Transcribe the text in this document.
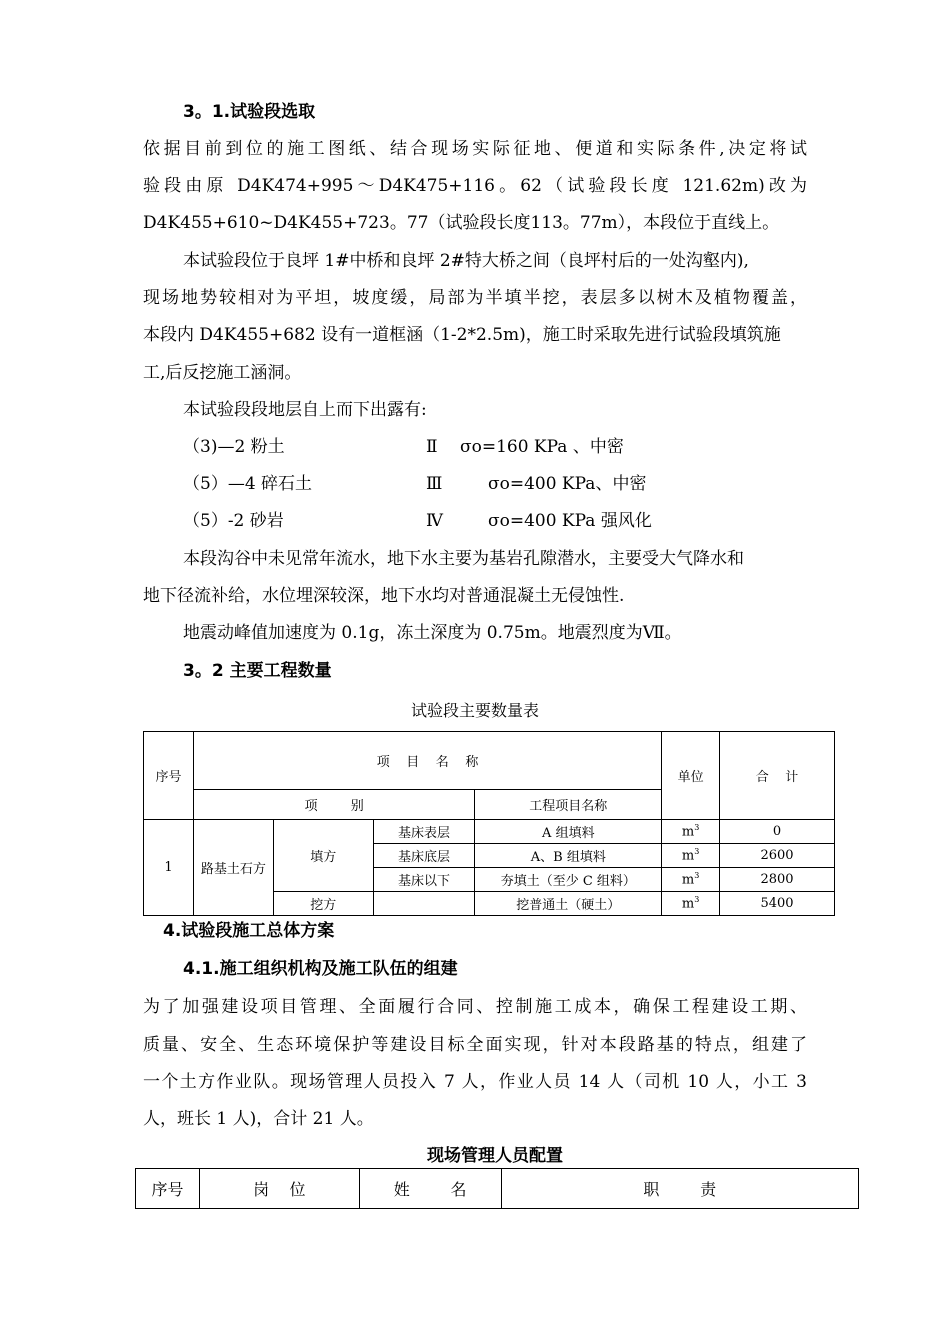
3。1.试验段选取
依据目前到位的施工图纸、结合现场实际征地、便道和实际条件,决定将试
验段由原 D4K474+995～D4K475+116。62（试验段长度 121.62m)改为
D4K455+610~D4K455+723。77（试验段长度113。77m），本段位于直线上。
本试验段位于良坪 1#中桥和良坪 2#特大桥之间（良坪村后的一处沟壑内),
现场地势较相对为平坦，坡度缓，局部为半填半挖，表层多以树木及植物覆盖，
本段内 D4K455+682 设有一道框涵（1-2*2.5m)，施工时采取先进行试验段填筑施
工,后反挖施工涵洞。
本试验段段地层自上而下出露有:
（3)—2 粉土	Ⅱ σo=160 KPa 、中密
（5）—4 碎石土	Ⅲ	σo=400 KPa、中密
（5）-2 砂岩	Ⅳ	σo=400 KPa 强风化
本段沟谷中未见常年流水，地下水主要为基岩孔隙潜水，主要受大气降水和
地下径流补给，水位埋深较深，地下水均对普通混凝土无侵蚀性.
地震动峰值加速度为 0.1g，冻土深度为 0.75m。地震烈度为Ⅶ。
3。2 主要工程数量
试验段主要数量表
序号	项    目    名    称				单位	合    计
	项        别			工程项目名称		
1	路基土石方	填方	基床表层	A 组填料	$m^3$	0
			基床底层	A、B 组填料	$m^3$	2600
			基床以下	夯填土（至少 C 组料）	$m^3$	2800
		挖方		挖普通土（硬土）	$m^3$	5400
4.试验段施工总体方案
4.1.施工组织机构及施工队伍的组建
为了加强建设项目管理、全面履行合同、控制施工成本，确保工程建设工期、
质量、安全、生态环境保护等建设目标全面实现，针对本段路基的特点，组建了
一个土方作业队。现场管理人员投入 7 人，作业人员 14 人（司机 10 人，小工 3
人，班长 1 人)，合计 21 人。
现场管理人员配置
序号	岗    位	姓        名	职        责
